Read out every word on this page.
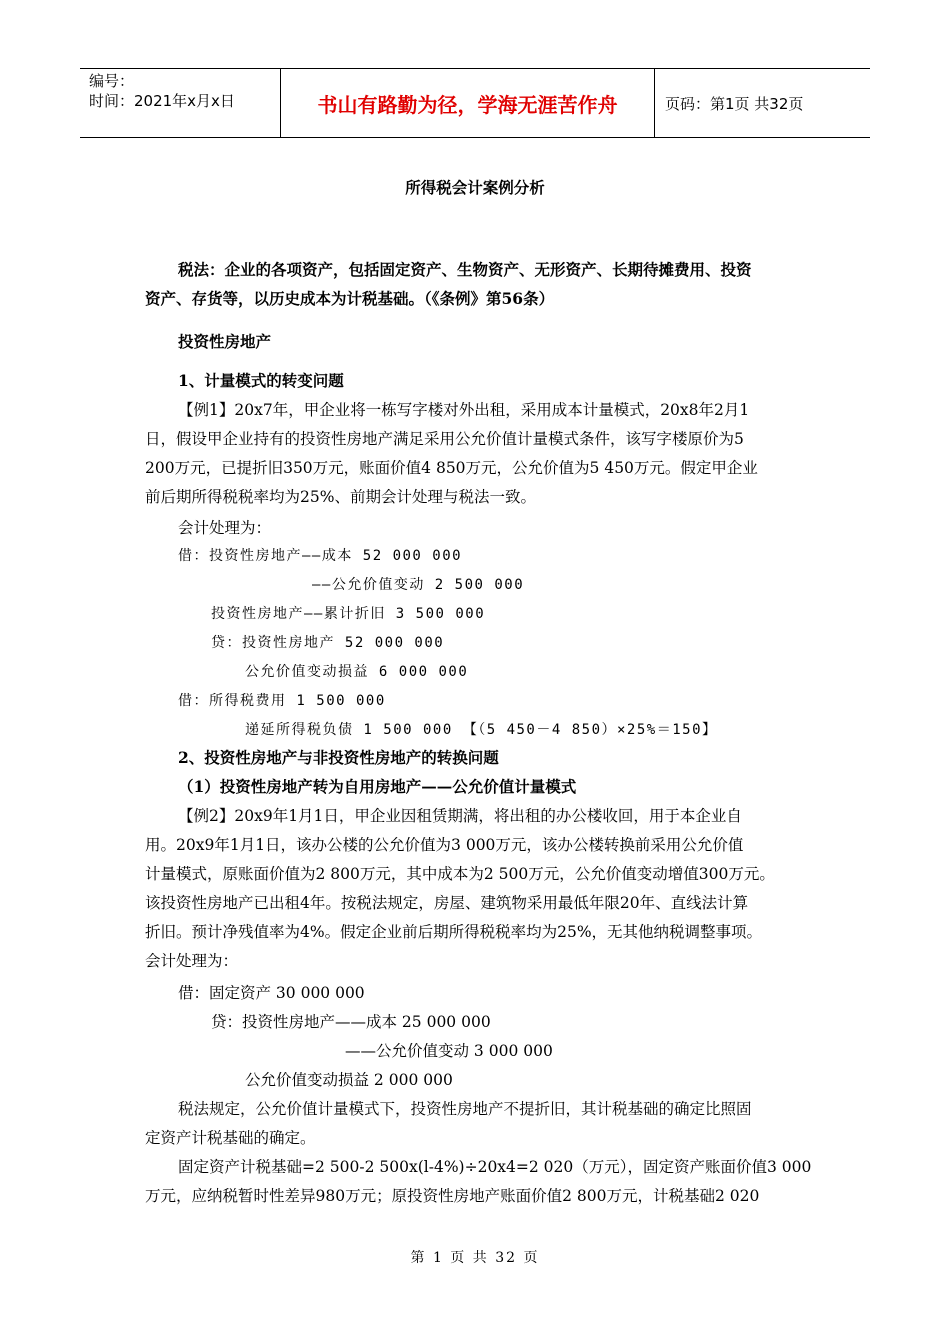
编号：
时间：2021年x月x日	书山有路勤为径，学海无涯苦作舟	页码：第1页 共32页
所得税会计案例分析
税法：企业的各项资产，包括固定资产、生物资产、无形资产、长期待摊费用、投资
资产、存货等，以历史成本为计税基础。（《条例》第56条）
投资性房地产
1、计量模式的转变问题
【例1】20x7年，甲企业将一栋写字楼对外出租，采用成本计量模式，20x8年2月1
日，假设甲企业持有的投资性房地产满足采用公允价值计量模式条件，该写字楼原价为5
200万元，已提折旧350万元，账面价值4 850万元，公允价值为5 450万元。假定甲企业
前后期所得税税率均为25%、前期会计处理与税法一致。
会计处理为：
借：投资性房地产——成本 52 000 000
——公允价值变动 2 500 000
投资性房地产——累计折旧 3 500 000
贷：投资性房地产 52 000 000
公允价值变动损益 6 000 000
借：所得税费用 1 500 000
递延所得税负债 1 500 000 【（5 450－4 850）×25%＝150】
2、投资性房地产与非投资性房地产的转换问题
（1）投资性房地产转为自用房地产——公允价值计量模式
【例2】20x9年1月1日，甲企业因租赁期满，将出租的办公楼收回，用于本企业自
用。20x9年1月1日，该办公楼的公允价值为3 000万元，该办公楼转换前采用公允价值
计量模式，原账面价值为2 800万元，其中成本为2 500万元，公允价值变动增值300万元。
该投资性房地产已出租4年。按税法规定，房屋、建筑物采用最低年限20年、直线法计算
折旧。预计净残值率为4%。假定企业前后期所得税税率均为25%，无其他纳税调整事项。
会计处理为：
借：固定资产 30 000 000
贷：投资性房地产——成本 25 000 000
——公允价值变动 3 000 000
公允价值变动损益 2 000 000
税法规定，公允价值计量模式下，投资性房地产不提折旧，其计税基础的确定比照固
定资产计税基础的确定。
固定资产计税基础=2 500-2 500x(l-4%)÷20x4=2 020（万元），固定资产账面价值3 000
万元，应纳税暂时性差异980万元；原投资性房地产账面价值2 800万元，计税基础2 020
第 1 页 共 32 页
